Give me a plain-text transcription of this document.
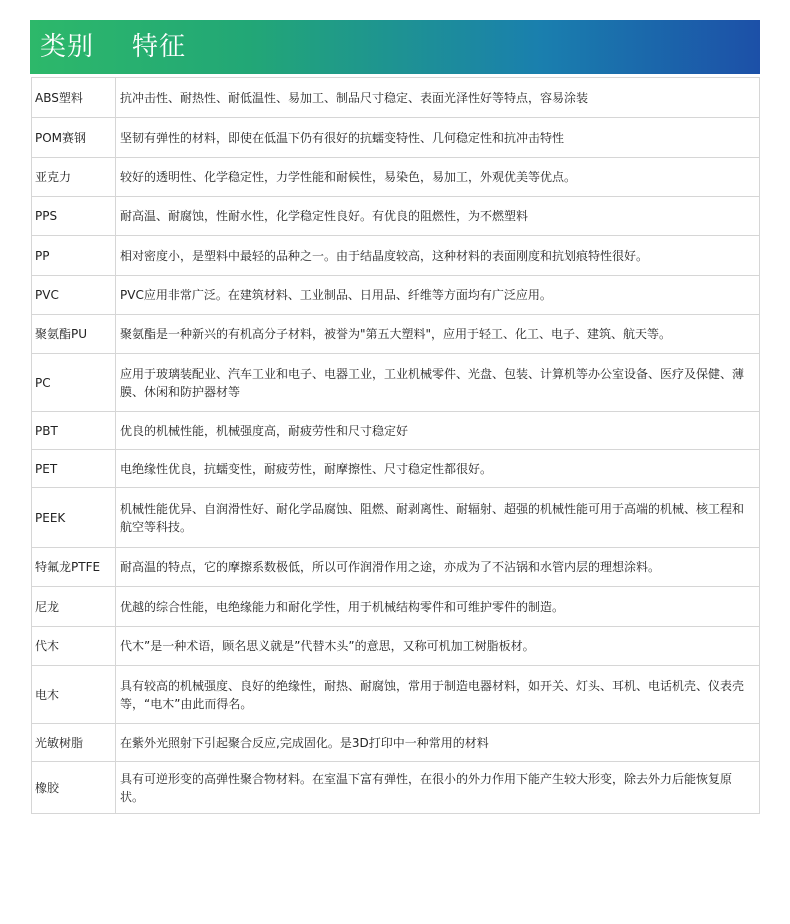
类别	特征
ABS塑料	抗冲击性、耐热性、耐低温性、易加工、制品尺寸稳定、表面光泽性好等特点，容易涂装
POM赛钢	坚韧有弹性的材料，即使在低温下仍有很好的抗蠕变特性、几何稳定性和抗冲击特性
亚克力	较好的透明性、化学稳定性，力学性能和耐候性，易染色，易加工，外观优美等优点。
PPS	耐高温、耐腐蚀，性耐水性，化学稳定性良好。有优良的阻燃性，为不燃塑料
PP	相对密度小，是塑料中最轻的品种之一。由于结晶度较高，这种材料的表面刚度和抗划痕特性很好。
PVC	PVC应用非常广泛。在建筑材料、工业制品、日用品、纤维等方面均有广泛应用。
聚氨酯PU	聚氨酯是一种新兴的有机高分子材料，被誉为"第五大塑料"，应用于轻工、化工、电子、建筑、航天等。
PC	应用于玻璃装配业、汽车工业和电子、电器工业，工业机械零件、光盘、包装、计算机等办公室设备、医疗及保健、薄膜、休闲和防护器材等
PBT	优良的机械性能，机械强度高，耐疲劳性和尺寸稳定好
PET	电绝缘性优良，抗蠕变性，耐疲劳性，耐摩擦性、尺寸稳定性都很好。
PEEK	机械性能优异、自润滑性好、耐化学品腐蚀、阻燃、耐剥离性、耐辐射、超强的机械性能可用于高端的机械、核工程和航空等科技。
特氟龙PTFE	耐高温的特点，它的摩擦系数极低，所以可作润滑作用之途，亦成为了不沾锅和水管内层的理想涂料。
尼龙	优越的综合性能，电绝缘能力和耐化学性，用于机械结构零件和可维护零件的制造。
代木	代木”是一种术语，顾名思义就是”代替木头”的意思，又称可机加工树脂板材。
电木	具有较高的机械强度、良好的绝缘性，耐热、耐腐蚀，常用于制造电器材料，如开关、灯头、耳机、电话机壳、仪表壳等，“电木”由此而得名。
光敏树脂	在紫外光照射下引起聚合反应,完成固化。是3D打印中一种常用的材料
橡胶	具有可逆形变的高弹性聚合物材料。在室温下富有弹性，在很小的外力作用下能产生较大形变，除去外力后能恢复原状。
